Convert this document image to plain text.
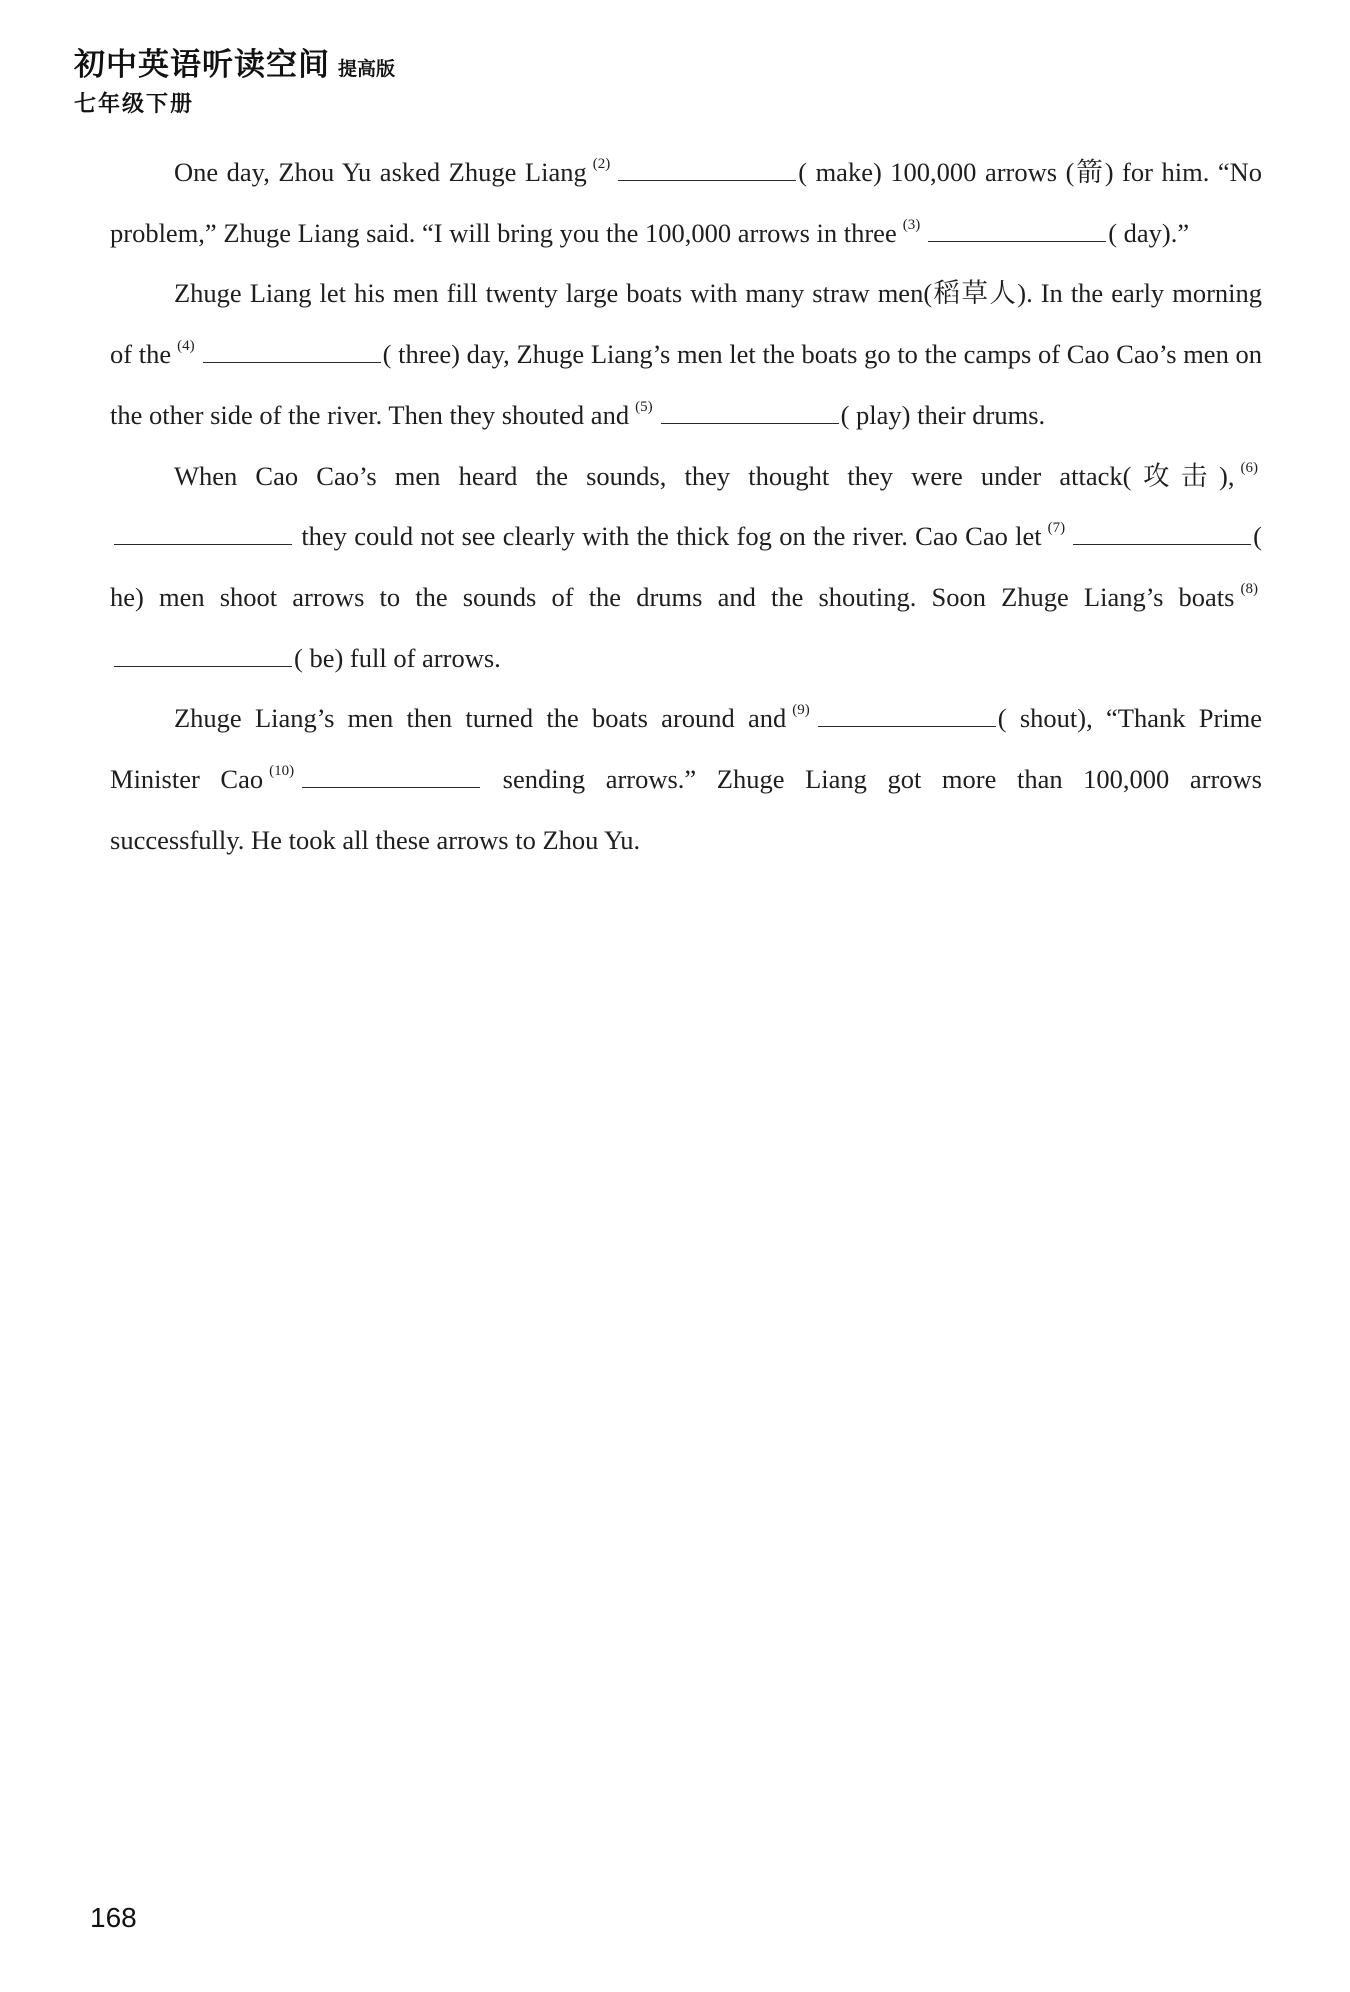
初中英语听读空间 提高版
七年级下册

One day, Zhou Yu asked Zhuge Liang $^{(2)}$	( make) 100,000 arrows (箭) for him. “No problem,” Zhuge Liang said. “I will bring you the 100,000 arrows in three $^{(3)}$	( day).”

Zhuge Liang let his men fill twenty large boats with many straw men(稻草人). In the early morning of the $^{(4)}$	( three) day, Zhuge Liang’s men let the boats go to the camps of Cao Cao’s men on the other side of the river. Then they shouted and $^{(5)}$	( play) their drums.

When Cao Cao’s men heard the sounds, they thought they were under attack(攻击), $^{(6)}$ they could not see clearly with the thick fog on the river. Cao Cao let $^{(7)}$	( he) men shoot arrows to the sounds of the drums and the shouting. Soon Zhuge Liang’s boats $^{(8)}$( be) full of arrows.

Zhuge Liang’s men then turned the boats around and $^{(9)}$	( shout), “Thank Prime Minister Cao $^{(10)}$	sending arrows.” Zhuge Liang got more than 100,000 arrows successfully. He took all these arrows to Zhou Yu.

168
